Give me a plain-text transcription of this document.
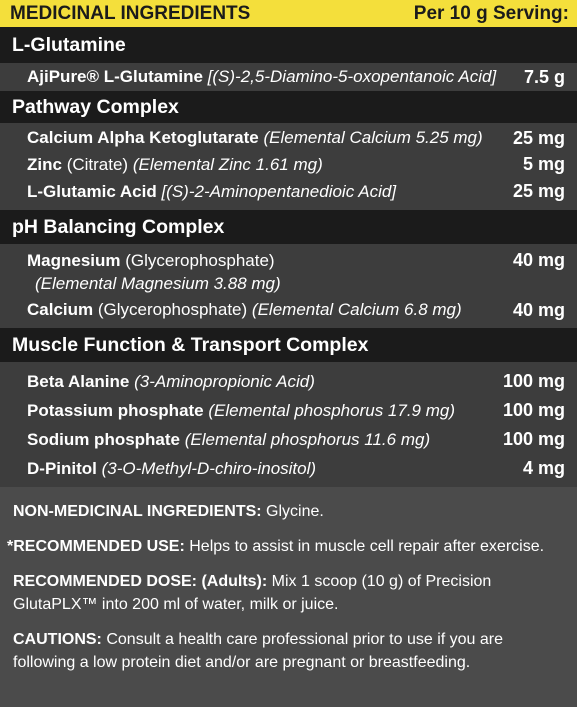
MEDICINAL INGREDIENTS	Per 10 g Serving:
L-Glutamine
AjiPure® L-Glutamine [(S)-2,5-Diamino-5-oxopentanoic Acid] 7.5 g
Pathway Complex
Calcium Alpha Ketoglutarate (Elemental Calcium 5.25 mg) 25 mg
Zinc (Citrate) (Elemental Zinc 1.61 mg)	5 mg
L-Glutamic Acid [(S)-2-Aminopentanedioic Acid]	25 mg
pH Balancing Complex
Magnesium (Glycerophosphate)	40 mg
(Elemental Magnesium 3.88 mg)
Calcium (Glycerophosphate) (Elemental Calcium 6.8 mg)	40 mg
Muscle Function & Transport Complex
Beta Alanine (3-Aminopropionic Acid)	100 mg
Potassium phosphate (Elemental phosphorus 17.9 mg)	100 mg
Sodium phosphate (Elemental phosphorus 11.6 mg)	100 mg
D-Pinitol (3-O-Methyl-D-chiro-inositol)	4 mg

NON-MEDICINAL INGREDIENTS: Glycine.

*RECOMMENDED USE: Helps to assist in muscle cell repair after exercise.

RECOMMENDED DOSE: (Adults): Mix 1 scoop (10 g) of Precision GlutaPLX™ into 200 ml of water, milk or juice.

CAUTIONS: Consult a health care professional prior to use if you are following a low protein diet and/or are pregnant or breastfeeding.
